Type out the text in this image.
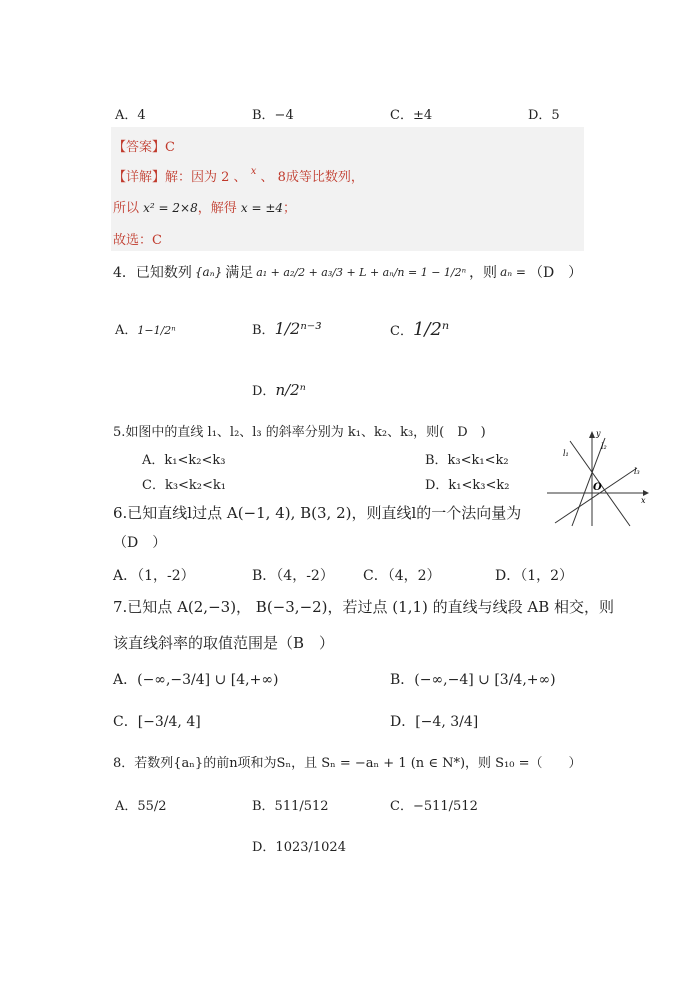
A．4	B．−4	C．±4	D．5
【答案】C
【详解】解：因为 2 、 $^x$ 、 8成等比数列，
所以 x² = 2×8，解得 x = ±4；
故选：C
4．已知数列 {aₙ} 满足 a₁ + a₂/2 + a₃/3 + L + aₙ/n = 1 − 1/2ⁿ ，则 aₙ = （D　）
A．1−1/2ⁿ	B．1/2ⁿ⁻³	C．1/2ⁿ
D．n/2ⁿ
5.如图中的直线 l₁、l₂、l₃ 的斜率分别为 k₁、k₂、k₃，则(　D　)
A．k₁<k₂<k₃	B．k₃<k₁<k₂
C．k₃<k₂<k₁	D．k₁<k₃<k₂
l₁
l₂
l₃
y
x
O
6.已知直线l过点 A(−1, 4), B(3, 2)，则直线l的一个法向量为
（D　）
A．（1，-2）	B．（4，-2） C．（4，2）	D．（1，2）
7.已知点 A(2,−3)， B(−3,−2)，若过点 (1,1) 的直线与线段 AB 相交，则
该直线斜率的取值范围是（B　）
A．(−∞,−3/4] ∪ [4,+∞)	B．(−∞,−4] ∪ [3/4,+∞)
C．[−3/4, 4]	D．[−4, 3/4]
8．若数列{aₙ}的前n项和为Sₙ，且 Sₙ = −aₙ + 1 (n ∈ N*)，则 S₁₀ =（　　）
A．55/2	B．511/512	C．−511/512
D．1023/1024
